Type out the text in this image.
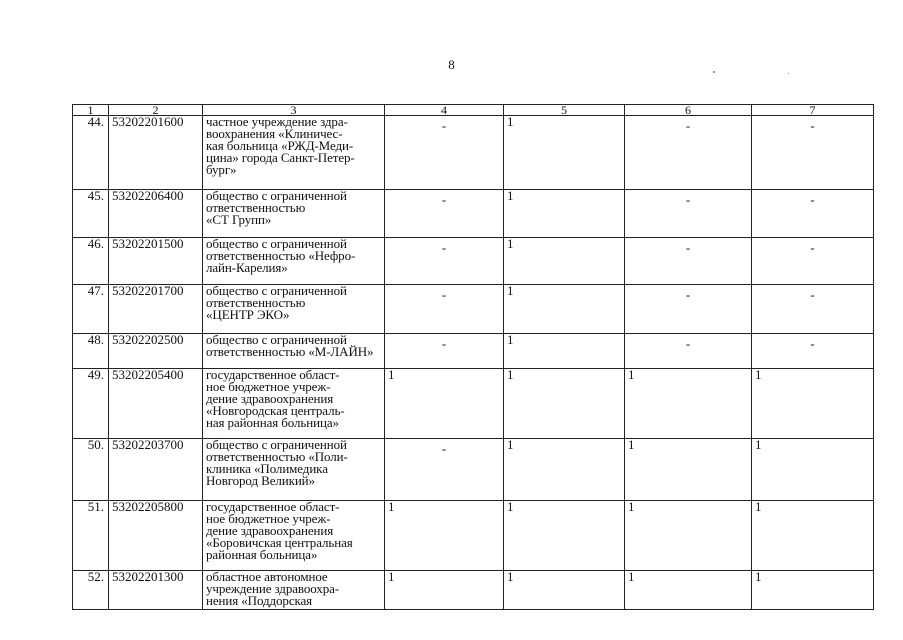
8
1	2	3	4	5	6	7
44.	53202201600	частное учреждение здра-
воохранения «Клиничес-
кая больница «РЖД-Меди-
цина» города Санкт-Петер-
бург»	-	1	-	-
45.	53202206400	общество с ограниченной
ответственностью
«СТ Групп»	-	1	-	-
46.	53202201500	общество с ограниченной
ответственностью «Нефро-
лайн-Карелия»	-	1	-	-
47.	53202201700	общество с ограниченной
ответственностью
«ЦЕНТР ЭКО»	-	1	-	-
48.	53202202500	общество с ограниченной
ответственностью «М-ЛАЙН»	-	1	-	-
49.	53202205400	государственное област-
ное бюджетное учреж-
дение здравоохранения
«Новгородская централь-
ная районная больница»	1	1	1	1
50.	53202203700	общество с ограниченной
ответственностью «Поли-
клиника «Полимедика
Новгород Великий»	-	1	1	1
51.	53202205800	государственное област-
ное бюджетное учреж-
дение здравоохранения
«Боровичская центральная
районная больница»	1	1	1	1
52.	53202201300	областное автономное
учреждение здравоохра-
нения «Поддорская	1	1	1	1
